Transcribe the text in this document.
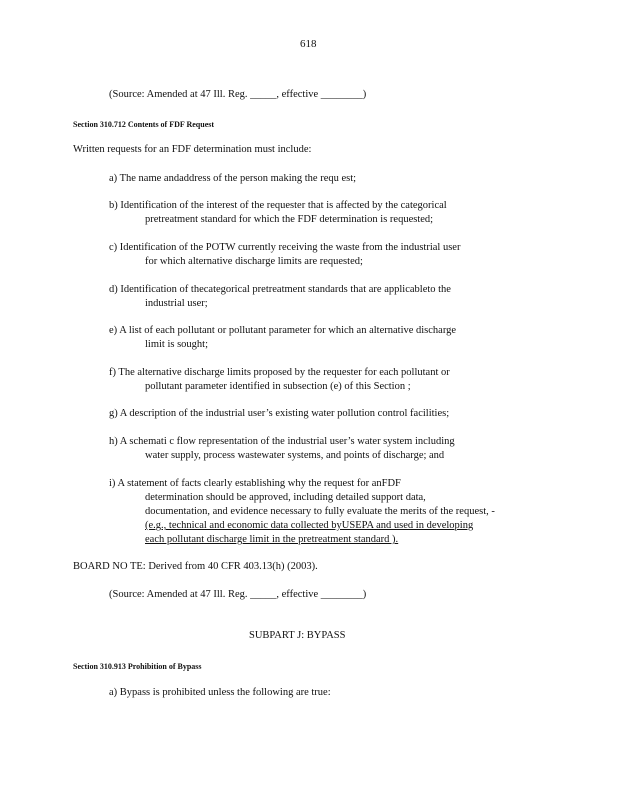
618
(Source: Amended at 47 Ill. Reg. _____, effective ________)
Section 310.712 Contents of FDF Request
Written requests for an FDF determination must include:
a) The name andaddress of the person making the requ est;
b) Identification of the interest of the requester that is affected by the categorical
pretreatment standard for which the FDF determination is requested;
c) Identification of the POTW currently receiving the waste from the industrial user
for which alternative discharge limits are requested;
d) Identification of thecategorical pretreatment standards that are applicableto the
industrial user;
e) A list of each pollutant or pollutant parameter for which an alternative discharge
limit is sought;
f) The alternative discharge limits proposed by the requester for each pollutant or
pollutant parameter identified in subsection (e) of this Section ;
g) A description of the industrial user’s existing water pollution control facilities;
h) A schemati c flow representation of the industrial user’s water system including
water supply, process wastewater systems, and points of discharge; and
i) A statement of facts clearly establishing why the request for anFDF
determination should be approved, including detailed support data,
documentation, and evidence necessary to fully evaluate the merits of the request, -
(e.g., technical and economic data collected byUSEPA and used in developing
each pollutant discharge limit in the pretreatment standard ).
BOARD NO TE: Derived from 40 CFR 403.13(h) (2003).
(Source: Amended at 47 Ill. Reg. _____, effective ________)
SUBPART J: BYPASS
Section 310.913 Prohibition of Bypass
a) Bypass is prohibited unless the following are true:
